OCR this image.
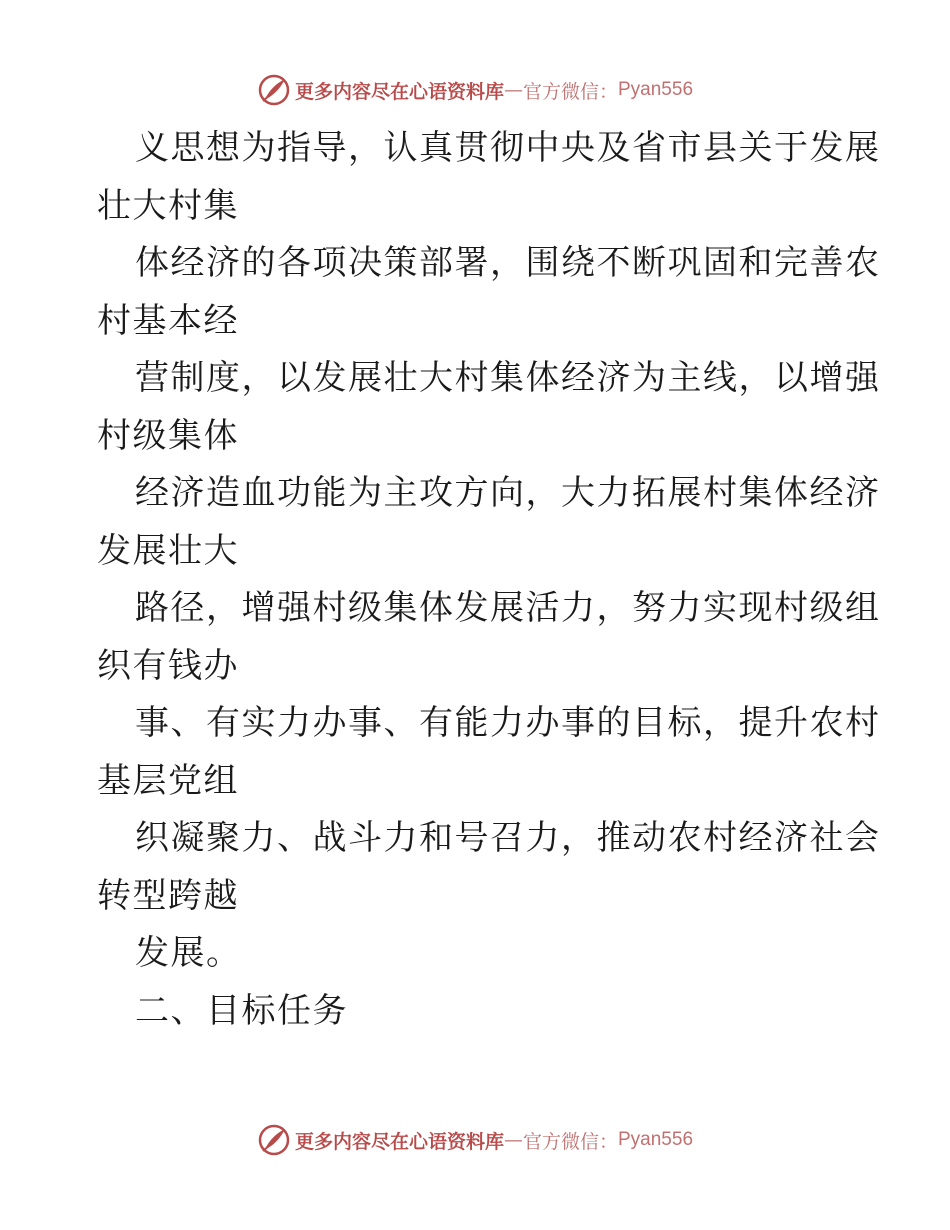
更多内容尽在心语资料库 — 官方微信： Pyan556
义思想为指导，认真贯彻中央及省市县关于发展
壮大村集
体经济的各项决策部署，围绕不断巩固和完善农
村基本经
营制度，以发展壮大村集体经济为主线，以增强
村级集体
经济造血功能为主攻方向，大力拓展村集体经济
发展壮大
路径，增强村级集体发展活力，努力实现村级组
织有钱办
事、有实力办事、有能力办事的目标，提升农村
基层党组
织凝聚力、战斗力和号召力，推动农村经济社会
转型跨越
发展。
二、目标任务
更多内容尽在心语资料库 — 官方微信： Pyan556
